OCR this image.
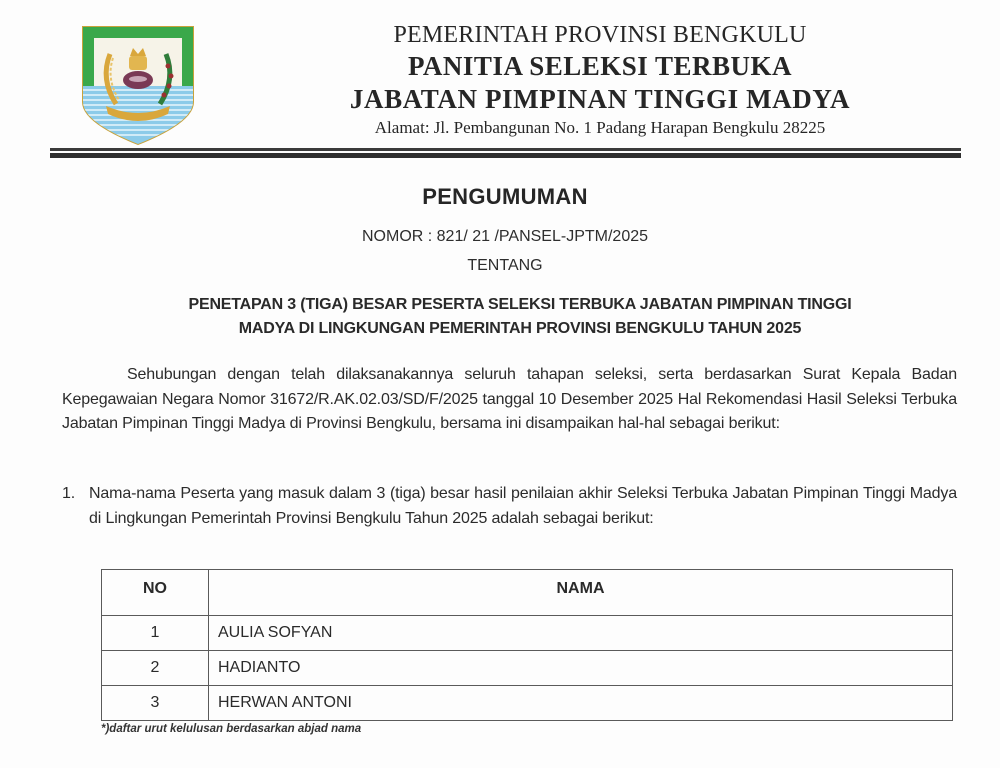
PEMERINTAH PROVINSI BENGKULU
PANITIA SELEKSI TERBUKA
JABATAN PIMPINAN TINGGI MADYA
Alamat: Jl. Pembangunan No. 1 Padang Harapan Bengkulu 28225
PENGUMUMAN
NOMOR : 821/ 21 /PANSEL-JPTM/2025
TENTANG
PENETAPAN 3 (TIGA) BESAR PESERTA SELEKSI TERBUKA JABATAN PIMPINAN TINGGI
MADYA DI LINGKUNGAN PEMERINTAH PROVINSI BENGKULU TAHUN 2025
Sehubungan dengan telah dilaksanakannya seluruh tahapan seleksi, serta berdasarkan Surat Kepala Badan Kepegawaian Negara Nomor 31672/R.AK.02.03/SD/F/2025 tanggal 10 Desember 2025 Hal Rekomendasi Hasil Seleksi Terbuka Jabatan Pimpinan Tinggi Madya di Provinsi Bengkulu, bersama ini disampaikan hal-hal sebagai berikut:
1. Nama-nama Peserta yang masuk dalam 3 (tiga) besar hasil penilaian akhir Seleksi Terbuka Jabatan Pimpinan Tinggi Madya di Lingkungan Pemerintah Provinsi Bengkulu Tahun 2025 adalah sebagai berikut:
NO	NAMA
1	AULIA SOFYAN
2	HADIANTO
3	HERWAN ANTONI
*)daftar urut kelulusan berdasarkan abjad nama
